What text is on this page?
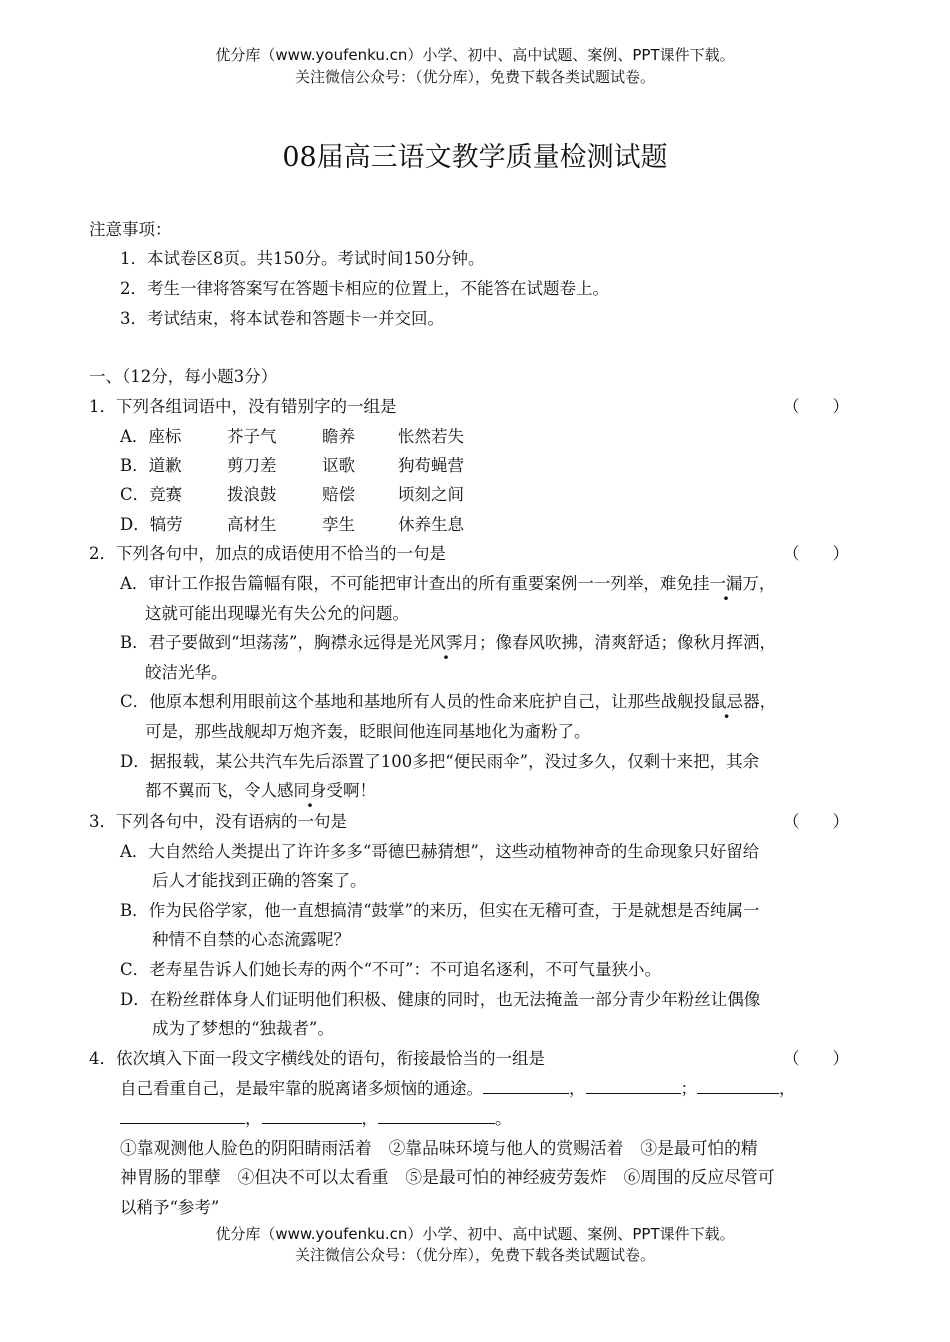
优分库（www.youfenku.cn）小学、初中、高中试题、案例、PPT课件下载。
关注微信公众号：（优分库），免费下载各类试题试卷。
08届高三语文教学质量检测试题
注意事项：
1．本试卷区8页。共150分。考试时间150分钟。
2．考生一律将答案写在答题卡相应的位置上，不能答在试题卷上。
3．考试结束，将本试卷和答题卡一并交回。
一、（12分，每小题3分）
1．下列各组词语中，没有错别字的一组是	（　　）
A．座标	芥子气	瞻养	怅然若失
B．道歉	剪刀差	讴歌	狗苟蝇营
C．竞赛	拨浪鼓	赔偿	顷刻之间
D．犒劳	高材生	孪生	休养生息
2．下列各句中，加点的成语使用不恰当的一句是	（　　）
A．审计工作报告篇幅有限，不可能把审计查出的所有重要案例一一列举，难免挂一漏万，
这就可能出现曝光有失公允的问题。
B．君子要做到“坦荡荡”，胸襟永远得是光风霁月；像春风吹拂，清爽舒适；像秋月挥洒，
皎洁光华。
C．他原本想利用眼前这个基地和基地所有人员的性命来庇护自己，让那些战舰投鼠忌器，
可是，那些战舰却万炮齐轰，眨眼间他连同基地化为齑粉了。
D．据报载，某公共汽车先后添置了100多把“便民雨伞”，没过多久，仅剩十来把，其余
都不翼而飞，令人感同身受啊！
3．下列各句中，没有语病的一句是	（　　）
A．大自然给人类提出了许许多多“哥德巴赫猜想”，这些动植物神奇的生命现象只好留给
后人才能找到正确的答案了。
B．作为民俗学家，他一直想搞清“鼓掌”的来历，但实在无稽可查，于是就想是否纯属一
种情不自禁的心态流露呢？
C．老寿星告诉人们她长寿的两个“不可”：不可追名逐利，不可气量狭小。
D．在粉丝群体身人们证明他们积极、健康的同时，也无法掩盖一部分青少年粉丝让偶像
成为了梦想的“独裁者”。
4．依次填入下面一段文字横线处的语句，衔接最恰当的一组是	（　　）
自己看重自己，是最牢靠的脱离诸多烦恼的通途。	，	；	，
，	，	。
①靠观测他人脸色的阴阳睛雨活着　②靠品味环境与他人的赏赐活着　③是最可怕的精
神胃肠的罪孽　④但决不可以太看重　⑤是最可怕的神经疲劳轰炸　⑥周围的反应尽管可
以稍予“参考”
优分库（www.youfenku.cn）小学、初中、高中试题、案例、PPT课件下载。
关注微信公众号：（优分库），免费下载各类试题试卷。
